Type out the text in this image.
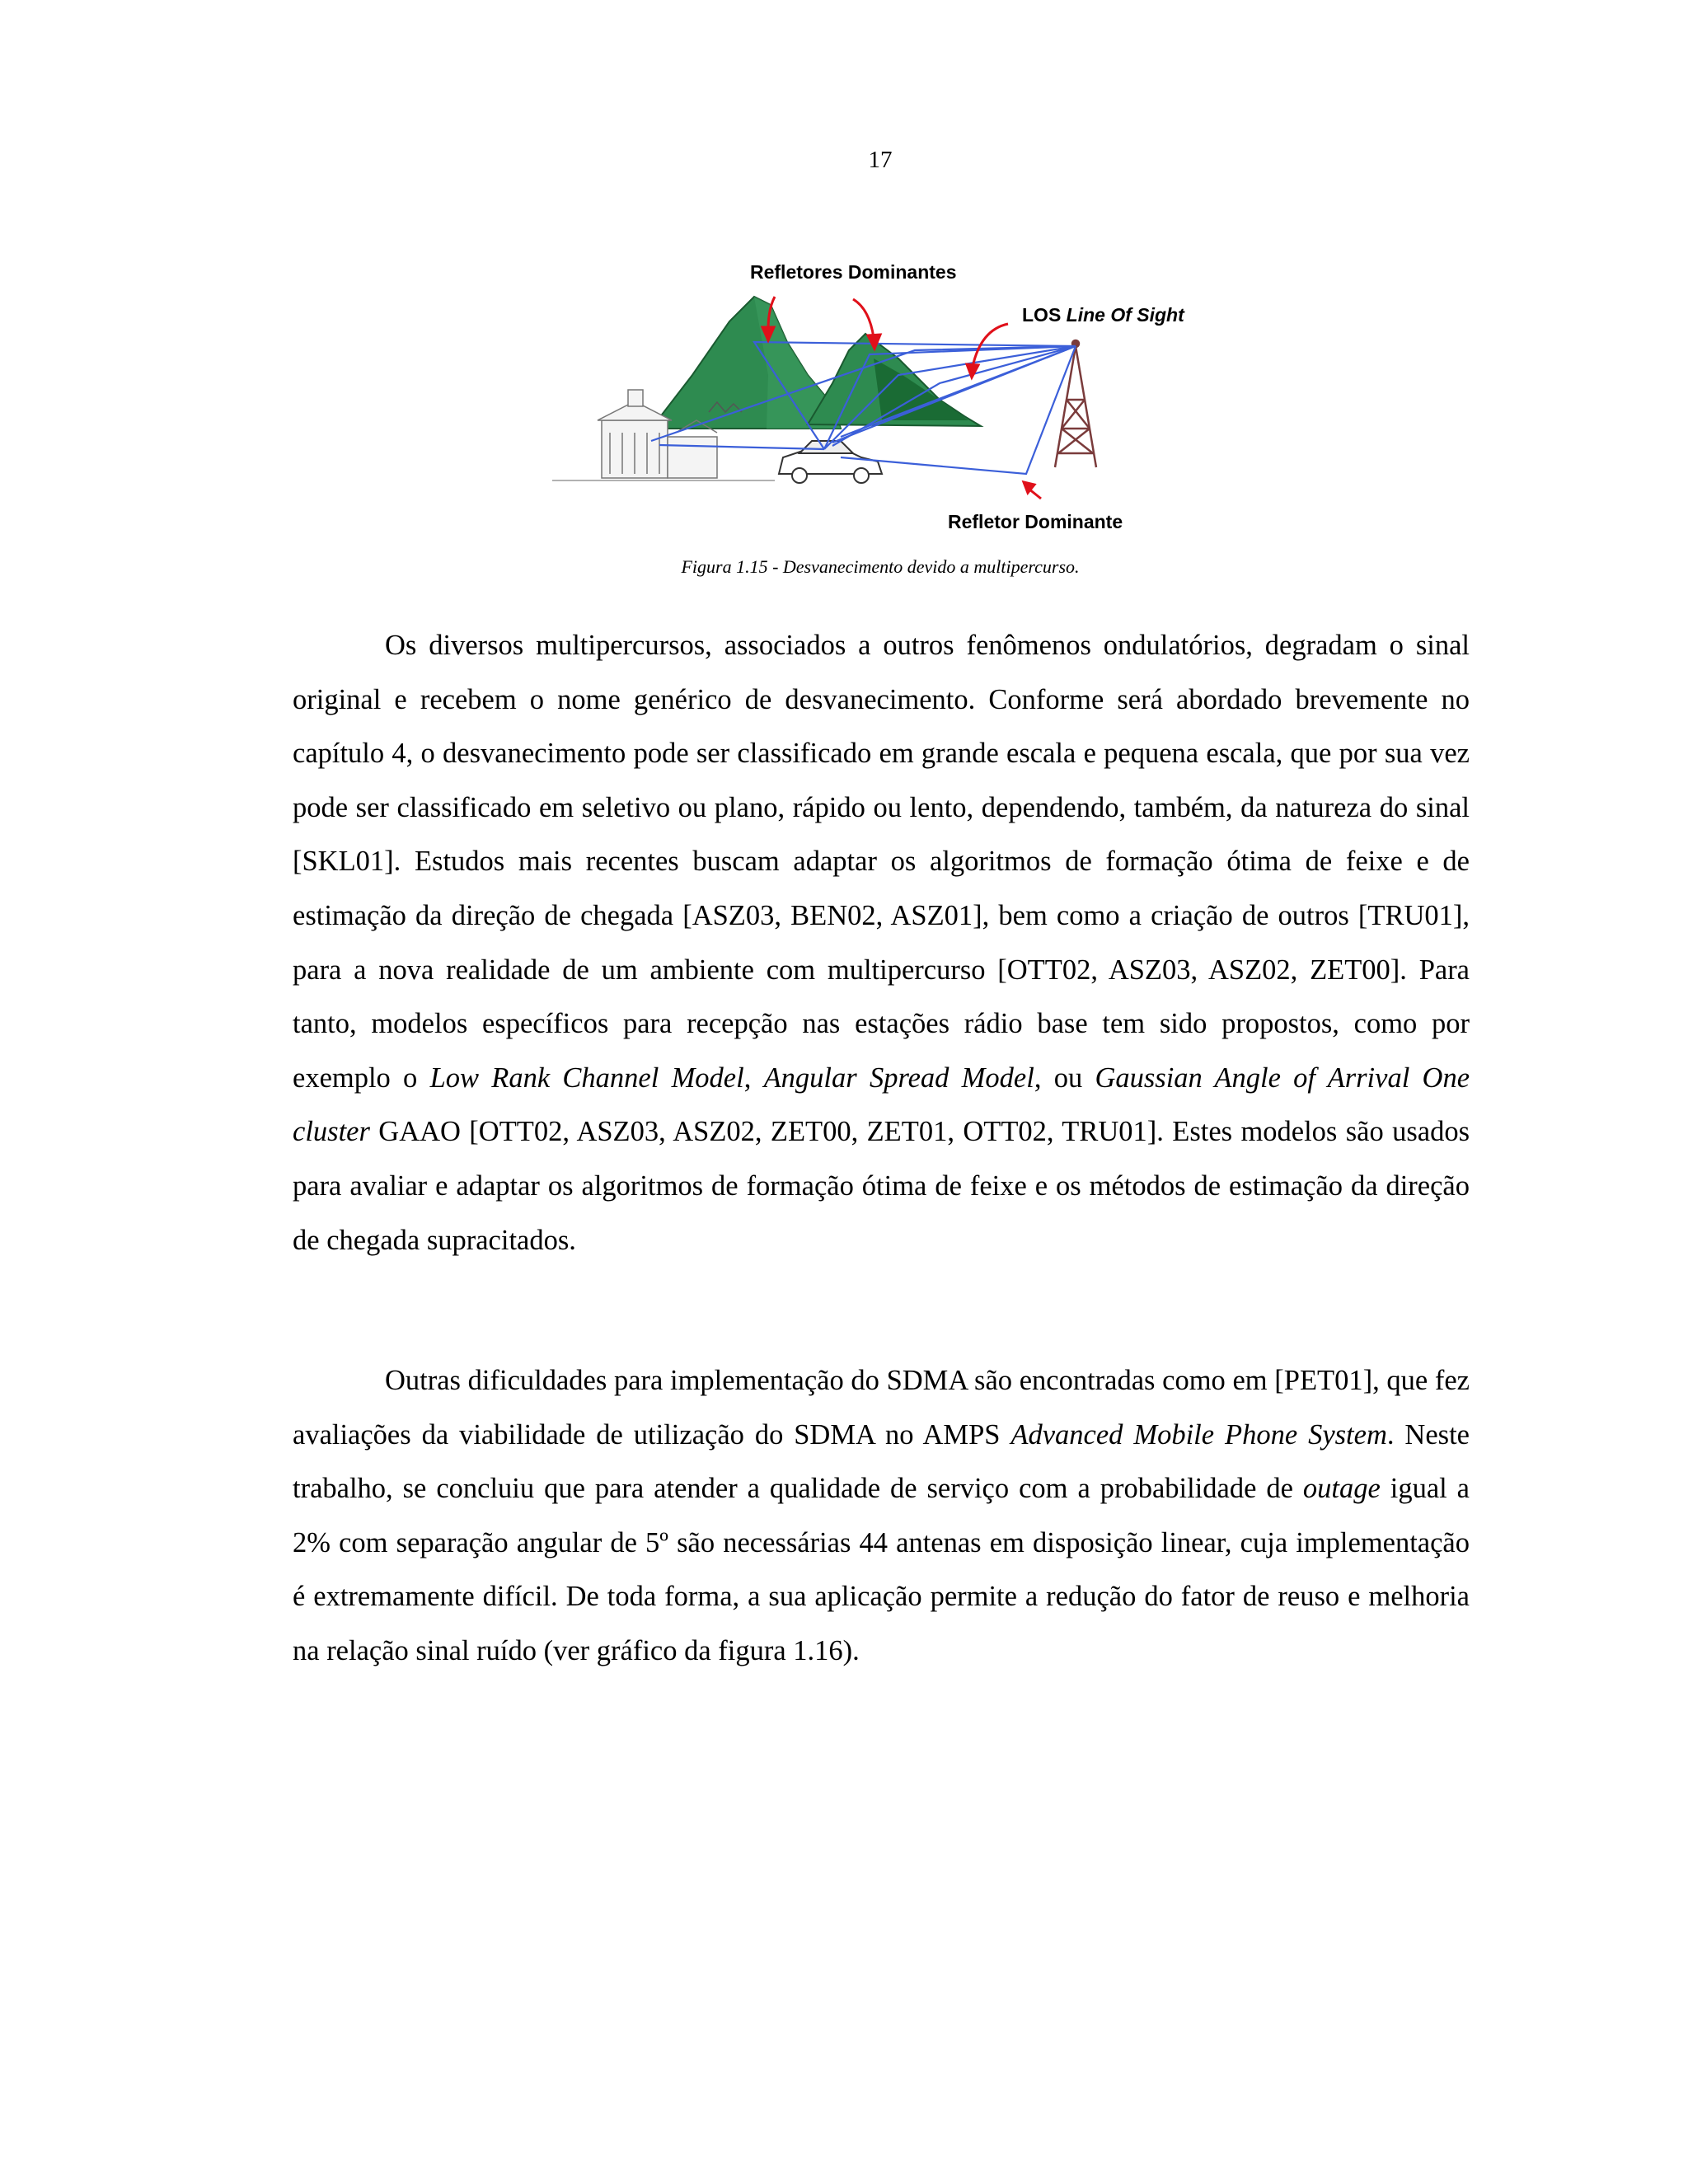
17
Refletores Dominantes
LOS Line Of Sight
Refletor Dominante
Figura 1.15 - Desvanecimento devido a multipercurso.

Os diversos multipercursos, associados a outros fenômenos ondulatórios, degradam o sinal original e recebem o nome genérico de desvanecimento. Conforme será abordado brevemente no capítulo 4, o desvanecimento pode ser classificado em grande escala e pequena escala, que por sua vez pode ser classificado em seletivo ou plano, rápido ou lento, dependendo, também, da natureza do sinal [SKL01]. Estudos mais recentes buscam adaptar os algoritmos de formação ótima de feixe e de estimação da direção de chegada [ASZ03, BEN02, ASZ01], bem como a criação de outros [TRU01], para a nova realidade de um ambiente com multipercurso [OTT02, ASZ03, ASZ02, ZET00]. Para tanto, modelos específicos para recepção nas estações rádio base tem sido propostos, como por exemplo o Low Rank Channel Model, Angular Spread Model, ou Gaussian Angle of Arrival One cluster GAAO [OTT02, ASZ03, ASZ02, ZET00, ZET01, OTT02, TRU01]. Estes modelos são usados para avaliar e adaptar os algoritmos de formação ótima de feixe e os métodos de estimação da direção de chegada supracitados.

Outras dificuldades para implementação do SDMA são encontradas como em [PET01], que fez avaliações da viabilidade de utilização do SDMA no AMPS Advanced Mobile Phone System. Neste trabalho, se concluiu que para atender a qualidade de serviço com a probabilidade de outage igual a 2% com separação angular de 5º são necessárias 44 antenas em disposição linear, cuja implementação é extremamente difícil. De toda forma, a sua aplicação permite a redução do fator de reuso e melhoria na relação sinal ruído (ver gráfico da figura 1.16).
